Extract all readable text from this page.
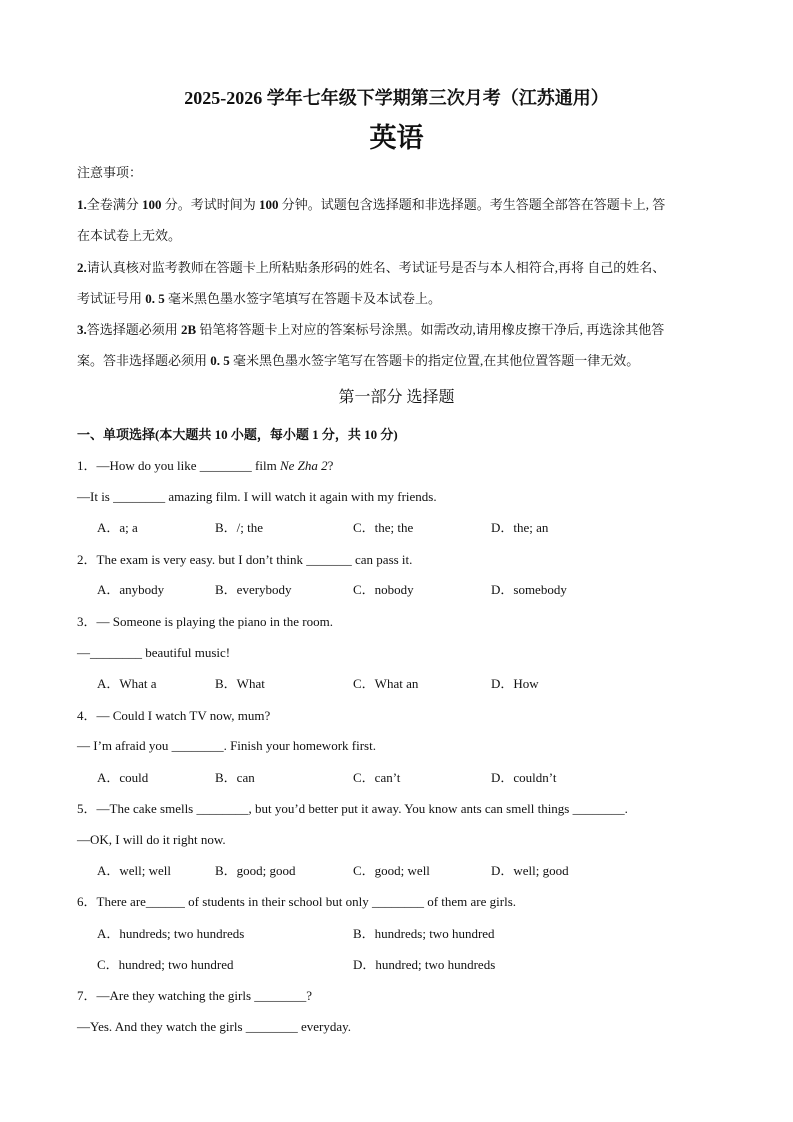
2025-2026 学年七年级下学期第三次月考（江苏通用）
英语
注意事项：
1.全卷满分 100 分。考试时间为 100 分钟。试题包含选择题和非选择题。考生答题全部答在答题卡上, 答
在本试卷上无效。
2.请认真核对监考教师在答题卡上所粘贴条形码的姓名、考试证号是否与本人相符合,再将 自己的姓名、
考试证号用 0. 5 毫米黑色墨水签字笔填写在答题卡及本试卷上。
3.答选择题必须用 2B 铅笔将答题卡上对应的答案标号涂黑。如需改动,请用橡皮擦干净后, 再选涂其他答
案。答非选择题必须用 0. 5 毫米黑色墨水签字笔写在答题卡的指定位置,在其他位置答题一律无效。
第一部分 选择题
一、单项选择(本大题共 10 小题，每小题 1 分，共 10 分)
1．—How do you like ________ film Ne Zha 2?
—It is ________ amazing film. I will watch it again with my friends.
A．a; a	B．/; the	C．the; the	D．the; an
2．The exam is very easy. but I don’t think _______ can pass it.
A．anybody	B．everybody	C．nobody	D．somebody
3．— Someone is playing the piano in the room.
—________ beautiful music!
A．What a	B．What	C．What an	D．How
4．— Could I watch TV now, mum?
— I’m afraid you ________. Finish your homework first.
A．could	B．can	C．can’t	D．couldn’t
5．—The cake smells ________, but you’d better put it away. You know ants can smell things ________.
—OK, I will do it right now.
A．well; well	B．good; good	C．good; well	D．well; good
6．There are______ of students in their school but only ________ of them are girls.
A．hundreds; two hundreds	B．hundreds; two hundred
C．hundred; two hundred	D．hundred; two hundreds
7．—Are they watching the girls ________?
—Yes. And they watch the girls ________ everyday.
